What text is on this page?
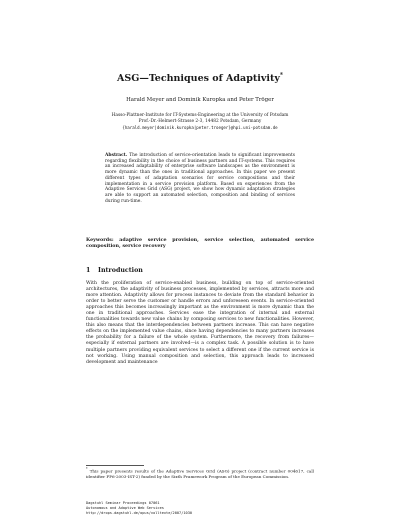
ASG—Techniques of Adaptivity*
Harald Meyer and Dominik Kuropka and Peter Tröger
Hasso-Plattner-Institute for IT-Systems-Engineering at the University of Potsdam
Prof.-Dr.-Helmert-Strasse 2-3, 14482 Potsdam, Germany
{harald.meyer|dominik.kuropka|peter.troeger}@hpi.uni-potsdam.de
Abstract. The introduction of service-orientation leads to significant improvements regarding flexibility in the choice of business partners and IT-systems. This requires an increased adaptability of enterprise software landscapes as the environment is more dynamic than the ones in traditional approaches. In this paper we present different types of adaptation scenarios for service compositions and their implementation in a service provision platform. Based on experiences from the Adaptive Services Grid (ASG) project, we show how dynamic adaptation strategies are able to support an automated selection, composition and binding of services during run-time.
Keywords: adaptive service provision, service selection, automated service composition, service recovery
1 Introduction
With the proliferation of service-enabled business, building on top of service-oriented architectures, the adaptivity of business processes, implemented by services, attracts more and more attention. Adaptivity allows for process instances to deviate from the standard behavior in order to better serve the customer or handle errors and unforeseen events. In service-oriented approaches this becomes increasingly important as the environment is more dynamic than the one in traditional approaches. Services ease the integration of internal and external functionalities towards new value chains by composing services to new functionalities. However, this also means that the interdependencies between partners increase. This can have negative effects on the implemented value chains, since having dependencies to many partners increases the probability for a failure of the whole system. Furthermore, the recovery from failures—especially if external partners are involved—is a complex task. A possible solution is to have multiple partners providing equivalent services to select a different one if the current service is not working. Using manual composition and selection, this approach leads to increased development and maintenance
* This paper presents results of the Adaptive Services Grid (ASG) project (contract number 004617, call identifier FP6-2003-IST-2) funded by the Sixth Framework Program of the European Commission.
Dagstuhl Seminar Proceedings 07061
Autonomous and Adaptive Web Services
http://drops.dagstuhl.de/opus/volltexte/2007/1030
